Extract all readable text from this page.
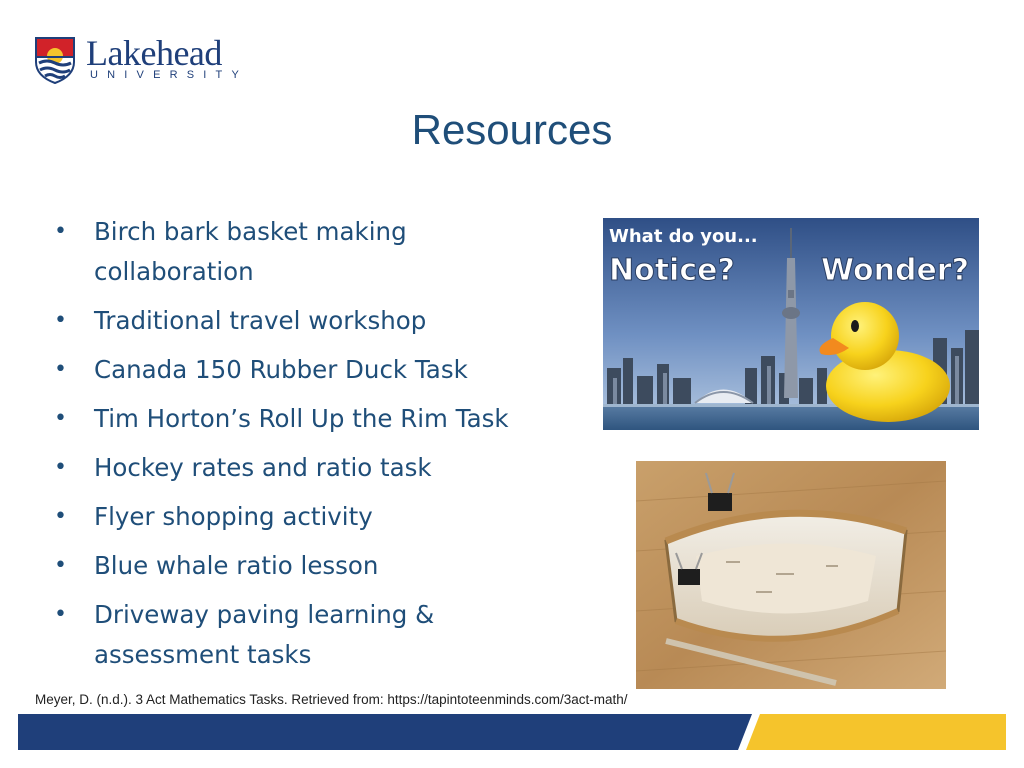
Lakehead
UNIVERSITY
Resources
• Birch bark basket making collaboration
• Traditional travel workshop
• Canada 150 Rubber Duck Task
• Tim Horton’s Roll Up the Rim Task
• Hockey rates and ratio task
• Flyer shopping activity
• Blue whale ratio lesson
• Driveway paving learning & assessment tasks
What do you...
Notice?	Wonder?
Meyer, D. (n.d.). 3 Act Mathematics Tasks. Retrieved from: https://tapintoteenminds.com/3act-math/
